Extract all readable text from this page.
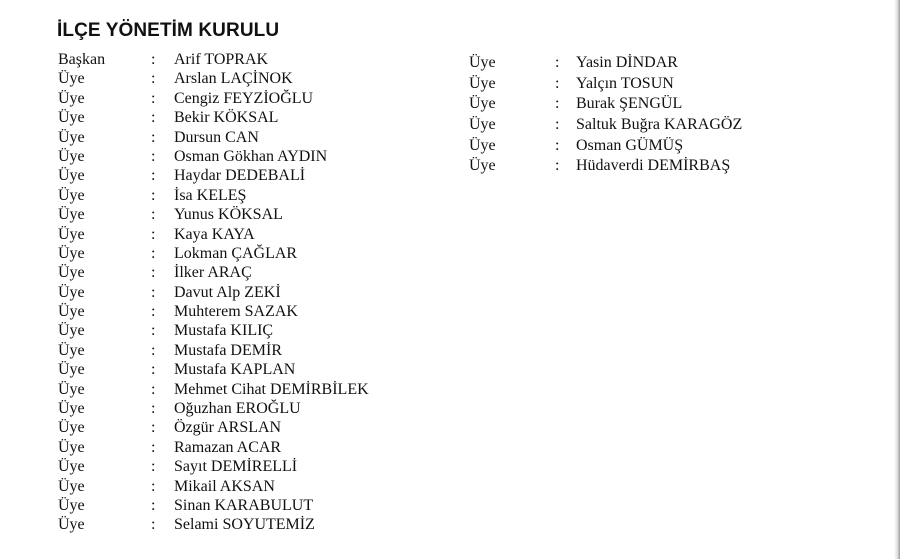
İLÇE YÖNETİM KURULU
Başkan	: Arif TOPRAK
Üye	: Arslan LAÇİNOK
Üye	: Cengiz FEYZİOĞLU
Üye	: Bekir KÖKSAL
Üye	: Dursun CAN
Üye	: Osman Gökhan AYDIN
Üye	: Haydar DEDEBALİ
Üye	: İsa KELEŞ
Üye	: Yunus KÖKSAL
Üye	: Kaya KAYA
Üye	: Lokman ÇAĞLAR
Üye	: İlker ARAÇ
Üye	: Davut Alp ZEKİ
Üye	: Muhterem SAZAK
Üye	: Mustafa KILIÇ
Üye	: Mustafa DEMİR
Üye	: Mustafa KAPLAN
Üye	: Mehmet Cihat DEMİRBİLEK
Üye	: Oğuzhan EROĞLU
Üye	: Özgür ARSLAN
Üye	: Ramazan ACAR
Üye	: Sayıt DEMİRELLİ
Üye	: Mikail AKSAN
Üye	: Sinan KARABULUT
Üye	: Selami SOYUTEMİZ
Üye	: Yasin DİNDAR
Üye	: Yalçın TOSUN
Üye	: Burak ŞENGÜL
Üye	: Saltuk Buğra KARAGÖZ
Üye	: Osman GÜMÜŞ
Üye	: Hüdaverdi DEMİRBAŞ
